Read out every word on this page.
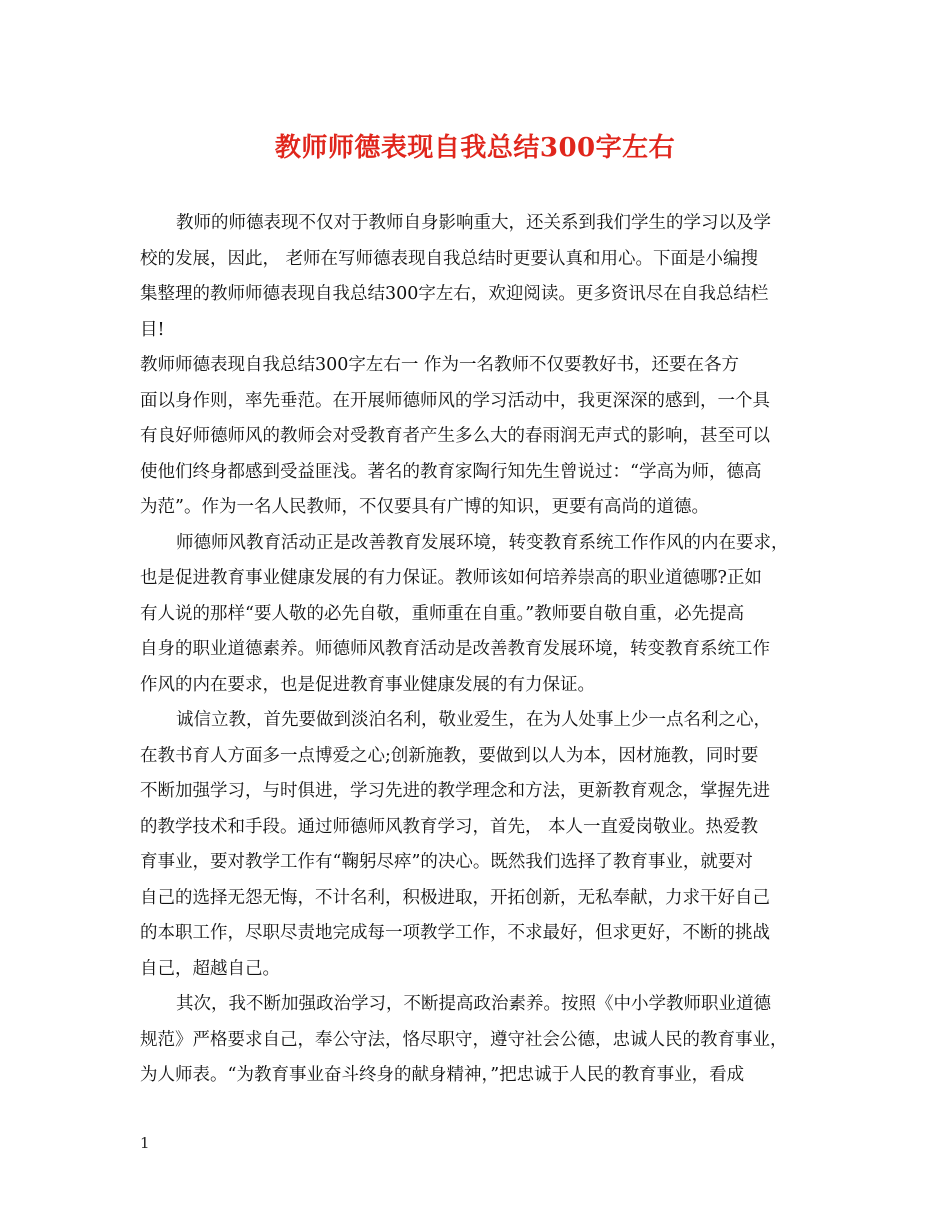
教师师德表现自我总结300字左右
教师的师德表现不仅对于教师自身影响重大，还关系到我们学生的学习以及学
校的发展，因此， 老师在写师德表现自我总结时更要认真和用心。下面是小编搜
集整理的教师师德表现自我总结300字左右，欢迎阅读。更多资讯尽在自我总结栏
目!
教师师德表现自我总结300字左右一 作为一名教师不仅要教好书，还要在各方
面以身作则，率先垂范。在开展师德师风的学习活动中，我更深深的感到，一个具
有良好师德师风的教师会对受教育者产生多么大的春雨润无声式的影响，甚至可以
使他们终身都感到受益匪浅。著名的教育家陶行知先生曾说过：“学高为师，德高
为范”。作为一名人民教师，不仅要具有广博的知识，更要有高尚的道德。
师德师风教育活动正是改善教育发展环境，转变教育系统工作作风的内在要求，
也是促进教育事业健康发展的有力保证。教师该如何培养崇高的职业道德哪?正如
有人说的那样“要人敬的必先自敬，重师重在自重。”教师要自敬自重，必先提高
自身的职业道德素养。师德师风教育活动是改善教育发展环境，转变教育系统工作
作风的内在要求，也是促进教育事业健康发展的有力保证。
诚信立教，首先要做到淡泊名利，敬业爱生，在为人处事上少一点名利之心，
在教书育人方面多一点博爱之心;创新施教，要做到以人为本，因材施教，同时要
不断加强学习，与时俱进，学习先进的教学理念和方法，更新教育观念，掌握先进
的教学技术和手段。通过师德师风教育学习，首先， 本人一直爱岗敬业。热爱教
育事业，要对教学工作有“鞠躬尽瘁”的决心。既然我们选择了教育事业，就要对
自己的选择无怨无悔，不计名利，积极进取，开拓创新，无私奉献，力求干好自己
的本职工作，尽职尽责地完成每一项教学工作，不求最好，但求更好，不断的挑战
自己，超越自己。
其次，我不断加强政治学习，不断提高政治素养。按照《中小学教师职业道德
规范》严格要求自己，奉公守法，恪尽职守，遵守社会公德，忠诚人民的教育事业，
为人师表。“为教育事业奋斗终身的献身精神，”把忠诚于人民的教育事业，看成
1
